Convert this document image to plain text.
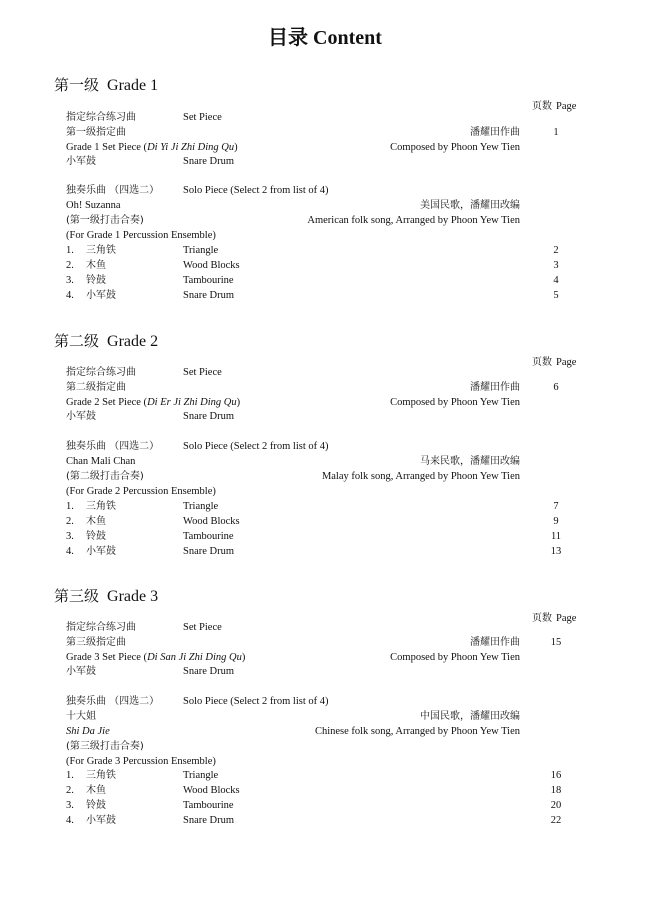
目录 Content
第一级 Grade 1
页数 Page
指定综合练习曲	Set Piece
第一级指定曲	潘耀田作曲	1
Grade 1 Set Piece (Di Yi Ji Zhi Ding Qu)	Composed by Phoon Yew Tien
小军鼓	Snare Drum
独奏乐曲 （四选二） Solo Piece (Select 2 from list of 4)
Oh! Suzanna	美国民歌，潘耀田改编
(第一级打击合奏)	American folk song, Arranged by Phoon Yew Tien
(For Grade 1 Percussion Ensemble)
1.	三角铁	Triangle	2
2.	木鱼	Wood Blocks	3
3.	铃鼓	Tambourine	4
4.	小军鼓	Snare Drum	5
第二级 Grade 2
页数 Page
指定综合练习曲	Set Piece
第二级指定曲	潘耀田作曲	6
Grade 2 Set Piece (Di Er Ji Zhi Ding Qu)	Composed by Phoon Yew Tien
小军鼓	Snare Drum
独奏乐曲 （四选二） Solo Piece (Select 2 from list of 4)
Chan Mali Chan	马来民歌，潘耀田改编
(第二级打击合奏)	Malay folk song, Arranged by Phoon Yew Tien
(For Grade 2 Percussion Ensemble)
1.	三角铁	Triangle	7
2.	木鱼	Wood Blocks	9
3.	铃鼓	Tambourine	11
4.	小军鼓	Snare Drum	13
第三级 Grade 3
页数 Page
指定综合练习曲	Set Piece
第三级指定曲	潘耀田作曲	15
Grade 3 Set Piece (Di San Ji Zhi Ding Qu)	Composed by Phoon Yew Tien
小军鼓	Snare Drum
独奏乐曲 （四选二） Solo Piece (Select 2 from list of 4)
十大姐	中国民歌，潘耀田改编
Shi Da Jie	Chinese folk song, Arranged by Phoon Yew Tien
(第三级打击合奏)
(For Grade 3 Percussion Ensemble)
1.	三角铁	Triangle	16
2.	木鱼	Wood Blocks	18
3.	铃鼓	Tambourine	20
4.	小军鼓	Snare Drum	22
